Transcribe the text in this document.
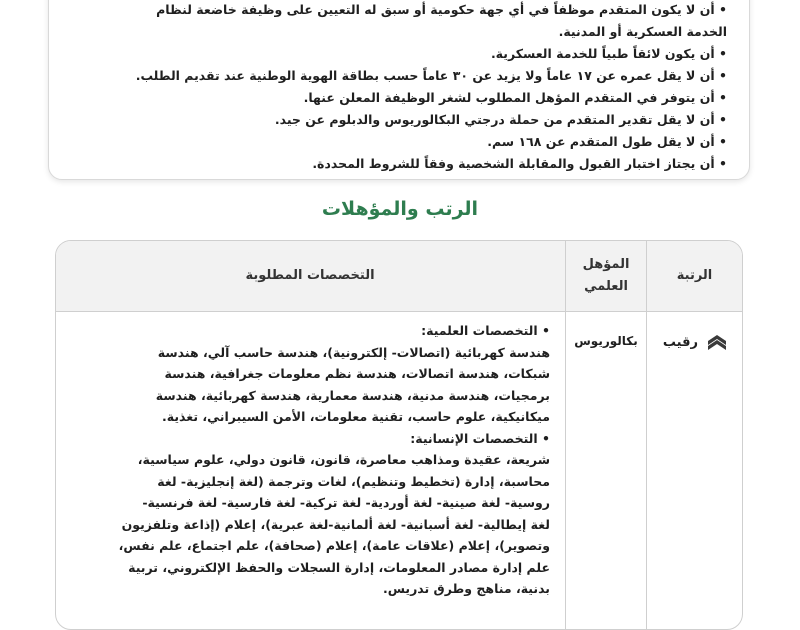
• أن لا يكون المتقدم موظفاً في أي جهة حكومية أو سبق له التعيين على وظيفة خاضعة لنظام

الخدمة العسكرية أو المدنية.

• أن يكون لائقاً طبياً للخدمة العسكرية.

• أن لا يقل عمره عن ١٧ عاماً ولا يزيد عن ٣٠ عاماً حسب بطاقة الهوية الوطنية عند تقديم الطلب.

• أن يتوفر في المتقدم المؤهل المطلوب لشغر الوظيفة المعلن عنها.

• أن لا يقل تقدير المتقدم من حملة درجتي البكالوريوس والدبلوم عن جيد.

• أن لا يقل طول المتقدم عن ١٦٨ سم.

• أن يجتاز اختبار القبول والمقابلة الشخصية وفقاً للشروط المحددة.

الرتب والمؤهلات
الرتبة
المؤهل
العلمي
التخصصات المطلوبة
رقيب
بكالوريوس

• التخصصات العلمية:

هندسة كهربائية (اتصالات- إلكترونية)، هندسة حاسب آلي، هندسة

شبكات، هندسة اتصالات، هندسة نظم معلومات جغرافية، هندسة

برمجيات، هندسة مدنية، هندسة معمارية، هندسة كهربائية، هندسة

ميكانيكية، علوم حاسب، تقنية معلومات، الأمن السيبراني، تغذية.

• التخصصات الإنسانية:

شريعة، عقيدة ومذاهب معاصرة، قانون، قانون دولي، علوم سياسية،

محاسبة، إدارة (تخطيط وتنظيم)، لغات وترجمة (لغة إنجليزية- لغة

روسية- لغة صينية- لغة أوردية- لغة تركية- لغة فارسية- لغة فرنسية-

لغة إيطالية- لغة أسبانية- لغة ألمانية-لغة عبرية)، إعلام (إذاعة وتلفزيون

وتصوير)، إعلام (علاقات عامة)، إعلام (صحافة)، علم اجتماع، علم نفس،

علم إدارة مصادر المعلومات، إدارة السجلات والحفظ الإلكتروني، تربية

بدنية، مناهج وطرق تدريس.
